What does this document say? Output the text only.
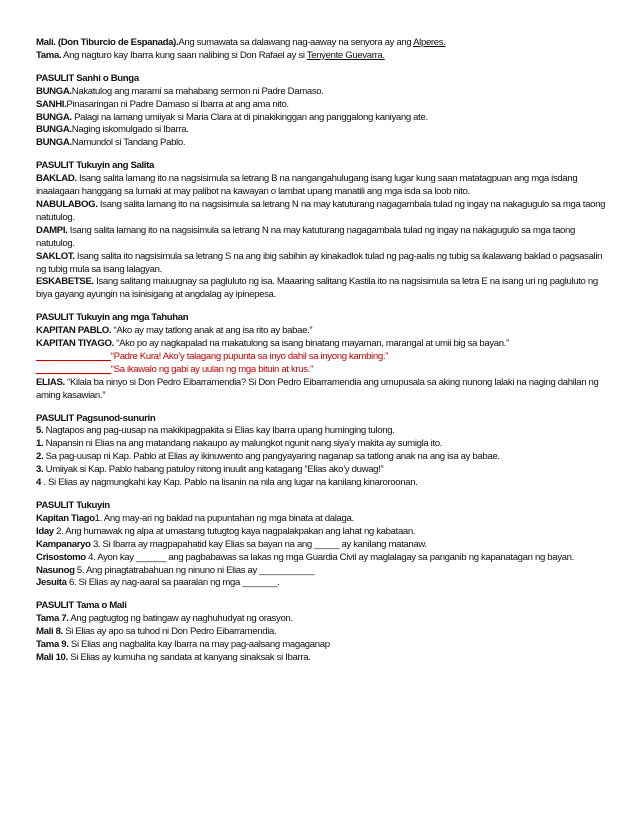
Mali. (Don Tiburcio de Espanada).Ang sumawata sa dalawang nag-aaway na senyora ay ang Alperes.
Tama. Ang nagturo kay Ibarra kung saan nalibing si Don Rafael ay si Tenyente Guevarra.
PASULIT Sanhi o Bunga
BUNGA.Nakatulog ang marami sa mahabang sermon ni Padre Damaso.
SANHI.Pinasaringan ni Padre Damaso si Ibarra at ang ama nito.
BUNGA. Palagi na lamang umiiyak si Maria Clara at di pinakikinggan ang panggalong kaniyang ate.
BUNGA.Naging iskomulgado si Ibarra.
BUNGA.Namundol si Tandang Pablo.
PASULIT Tukuyin ang Salita
BAKLAD. Isang salita lamang ito na nagsisimula sa letrang B na nangangahulugang isang lugar kung saan matatagpuan ang mga isdang inaalagaan hanggang sa lumaki at may palibot na kawayan o lambat upang manatili ang mga isda sa loob nito.
NABULABOG. Isang salita lamang ito na nagsisimula sa letrang N na may katuturang nagagambala tulad ng ingay na nakagugulo sa mga taong natutulog.
DAMPI. Isang salita lamang ito na nagsisimula sa letrang N na may katuturang nagagambala tulad ng ingay na nakagugulo sa mga taong natutulog.
SAKLOT. Isang salita ito nagsisimula sa letrang S na ang ibig sabihin ay kinakadlok tulad ng pag-aalis ng tubig sa ikalawang baklad o pagsasalin ng tubig mula sa isang lalagyan.
ESKABETSE. Isang salitang maiuugnay sa pagluluto ng isa. Maaaring salitang Kastila ito na nagsisimula sa letra E na isang uri ng pagluluto ng biya gayang ayungin na isinisigang at angdalag ay ipinepesa.
PASULIT Tukuyin ang mga Tahuhan
KAPITAN PABLO. “Ako ay may tatlong anak at ang isa rito ay babae.”
KAPITAN TIYAGO. “Ako po ay nagkapalad na makatulong sa isang binatang mayaman, marangal at umii big sa bayan.”
_______________“Padre Kura! Ako’y talagang pupunta sa inyo dahil sa inyong kambing.”
_______________“Sa ikawalo ng gabi ay uulan ng mga bituin at krus.”
ELIAS. “Kilala ba ninyo si Don Pedro Eibarramendia? Si Don Pedro Eibarramendia ang umupusala sa aking nunong lalaki na naging dahilan ng aming kasawian.”
PASULIT Pagsunod-sunurin
5. Nagtapos ang pag-uusap na makikipagpakita si Elias kay Ibarra upang huminging tulong.
1. Napansin ni Elias na ang matandang nakaupo ay malungkot ngunit nang siya’y makita ay sumigla ito.
2. Sa pag-uusap ni Kap. Pablo at Elias ay ikinuwento ang pangyayaring naganap sa tatlong anak na ang isa ay babae.
3. Umiiyak si Kap. Pablo habang patuloy nitong inuulit ang katagang “Elias ako’y duwag!”
4 . Si Elias ay nagmungkahi kay Kap. Pablo na lisanin na nila ang lugar na kanilang kinaroroonan.
PASULIT Tukuyin
Kapitan Tiago1. Ang may-ari ng baklad na pupuntahan ng mga binata at dalaga.
Iday 2. Ang humawak ng alpa at umastang tutugtog kaya nagpalakpakan ang lahat ng kabataan.
Kampanaryo 3. Si Ibarra ay magpapahatid kay Elias sa bayan na ang _____ ay kanilang matanaw.
Crisostomo 4. Ayon kay ______ ang pagbabawas sa lakas ng mga Guardia Civil ay maglalagay sa panganib ng kapanatagan ng bayan.
Nasunog 5. Ang pinagtatrabahuan ng ninuno ni Elias ay ___________
Jesuita 6. Si Elias ay nag-aaral sa paaralan ng mga _______.
PASULIT Tama o Mali
Tama 7. Ang pagtugtog ng batingaw ay naghuhudyat ng orasyon.
Mali 8. Si Elias ay apo sa tuhod ni Don Pedro Eibarramendia.
Tama 9. Si Elias ang nagbalita kay Ibarra na may pag-aalsang magaganap
Mali 10. Si Elias ay kumuha ng sandata at kanyang sinaksak si Ibarra.
